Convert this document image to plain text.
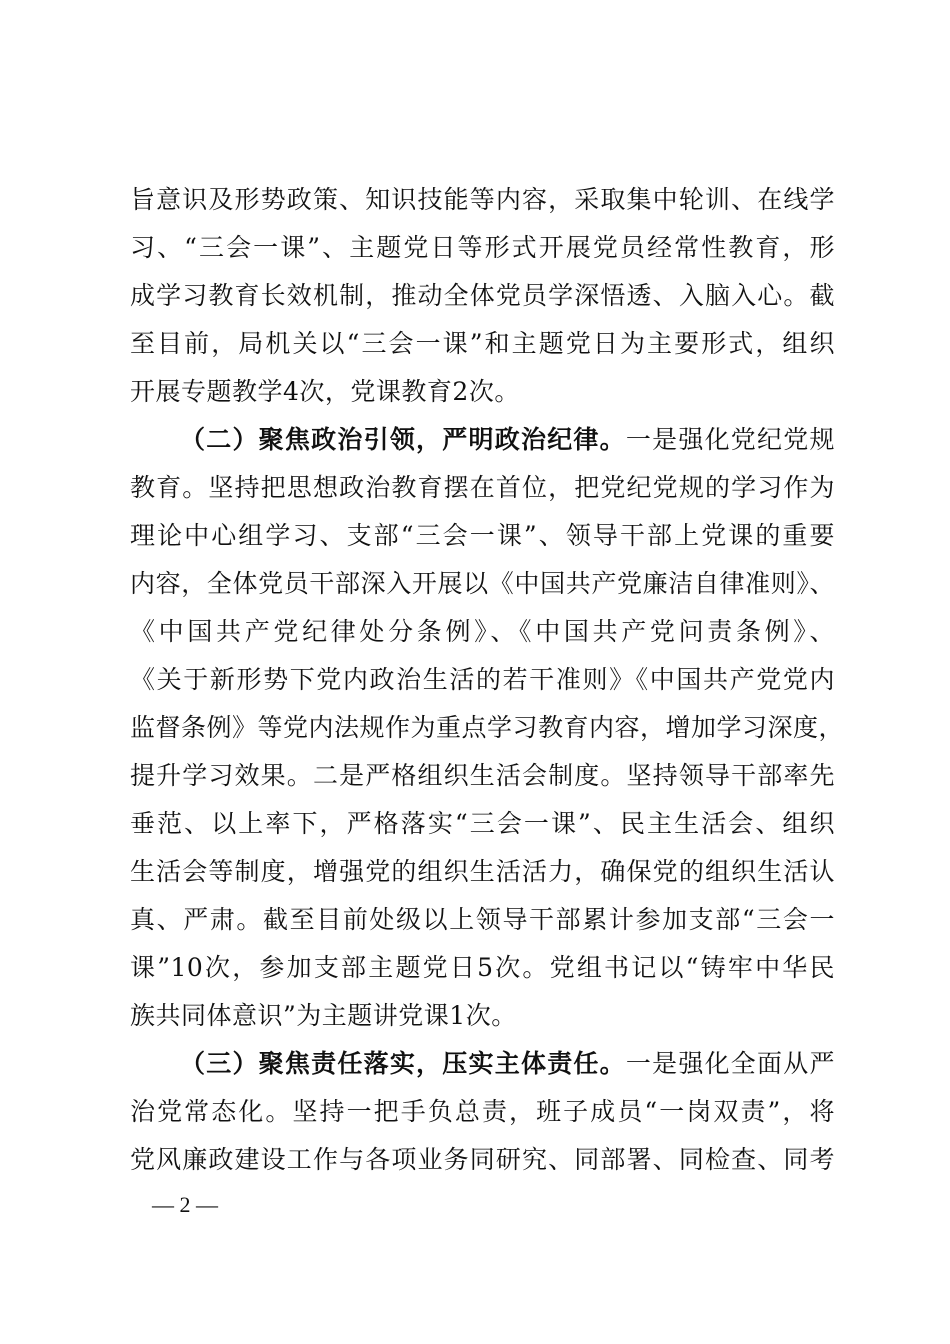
旨意识及形势政策、知识技能等内容，采取集中轮训、在线学
习、“三会一课”、主题党日等形式开展党员经常性教育，形
成学习教育长效机制，推动全体党员学深悟透、入脑入心。截
至目前，局机关以“三会一课”和主题党日为主要形式，组织
开展专题教学4次，党课教育2次。
（二）聚焦政治引领，严明政治纪律。一是强化党纪党规
教育。坚持把思想政治教育摆在首位，把党纪党规的学习作为
理论中心组学习、支部“三会一课”、领导干部上党课的重要
内容，全体党员干部深入开展以《中国共产党廉洁自律准则》、
《中国共产党纪律处分条例》、《中国共产党问责条例》、
《关于新形势下党内政治生活的若干准则》《中国共产党党内
监督条例》等党内法规作为重点学习教育内容，增加学习深度，
提升学习效果。二是严格组织生活会制度。坚持领导干部率先
垂范、以上率下，严格落实“三会一课”、民主生活会、组织
生活会等制度，增强党的组织生活活力，确保党的组织生活认
真、严肃。截至目前处级以上领导干部累计参加支部“三会一
课”10次，参加支部主题党日5次。党组书记以“铸牢中华民
族共同体意识”为主题讲党课1次。
（三）聚焦责任落实，压实主体责任。一是强化全面从严
治党常态化。坚持一把手负总责，班子成员“一岗双责”，将
党风廉政建设工作与各项业务同研究、同部署、同检查、同考
— 2 —
